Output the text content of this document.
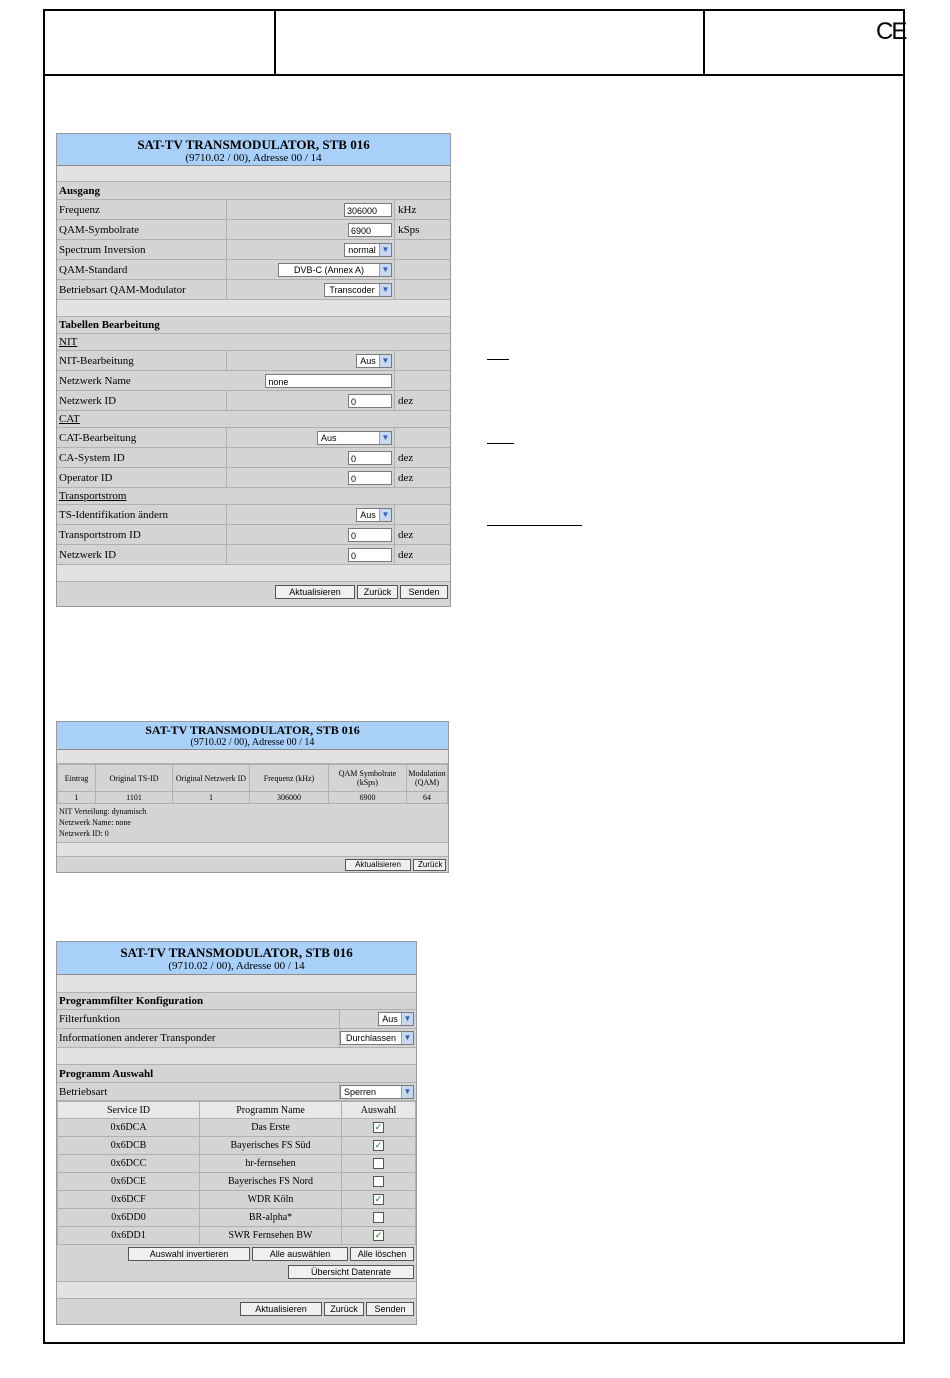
CE
SAT-TV TRANSMODULATOR, STB 016
(9710.02 / 00), Adresse 00 / 14
Ausgang
Frequenz	306000	kHz
QAM-Symbolrate	6900	kSps
Spectrum Inversion	normal ▼
QAM-Standard	DVB-C (Annex A)	▼
Betriebsart QAM-Modulator	Transcoder ▼
Tabellen Bearbeitung
NIT
NIT-Bearbeitung	Aus ▼
Netzwerk Name	none
Netzwerk ID	0	dez
CAT
CAT-Bearbeitung	Aus	▼
CA-System ID	0	dez
Operator ID	0	dez
Transportstrom
TS-Identifikation ändern	Aus ▼
Transportstrom ID	0	dez
Netzwerk ID	0	dez
Aktualisieren	Zurück	Senden
SAT-TV TRANSMODULATOR, STB 016
(9710.02 / 00), Adresse 00 / 14
Eintrag	Original TS-ID	Original Netzwerk ID	Frequenz (kHz)	QAM Symbolrate (kSps)	Modulation (QAM)
1	1101	1	306000	6900	64
NIT Verteilung: dynamisch
Netzwerk Name: none
Netzwerk ID: 0
Aktualisieren	Zurück
SAT-TV TRANSMODULATOR, STB 016
(9710.02 / 00), Adresse 00 / 14
Programmfilter Konfiguration
Filterfunktion	Aus ▼
Informationen anderer Transponder	Durchlassen ▼
Programm Auswahl
Betriebsart	Sperren	▼
Service ID	Programm Name	Auswahl
0x6DCA	Das Erste	✓
0x6DCB	Bayerisches FS Süd	✓
0x6DCC	hr-fernsehen	
0x6DCE	Bayerisches FS Nord	
0x6DCF	WDR Köln	✓
0x6DD0	BR-alpha*	
0x6DD1	SWR Fernsehen BW	✓
Auswahl invertieren	Alle auswählen	Alle löschen
Übersicht Datenrate
Aktualisieren	Zurück	Senden
